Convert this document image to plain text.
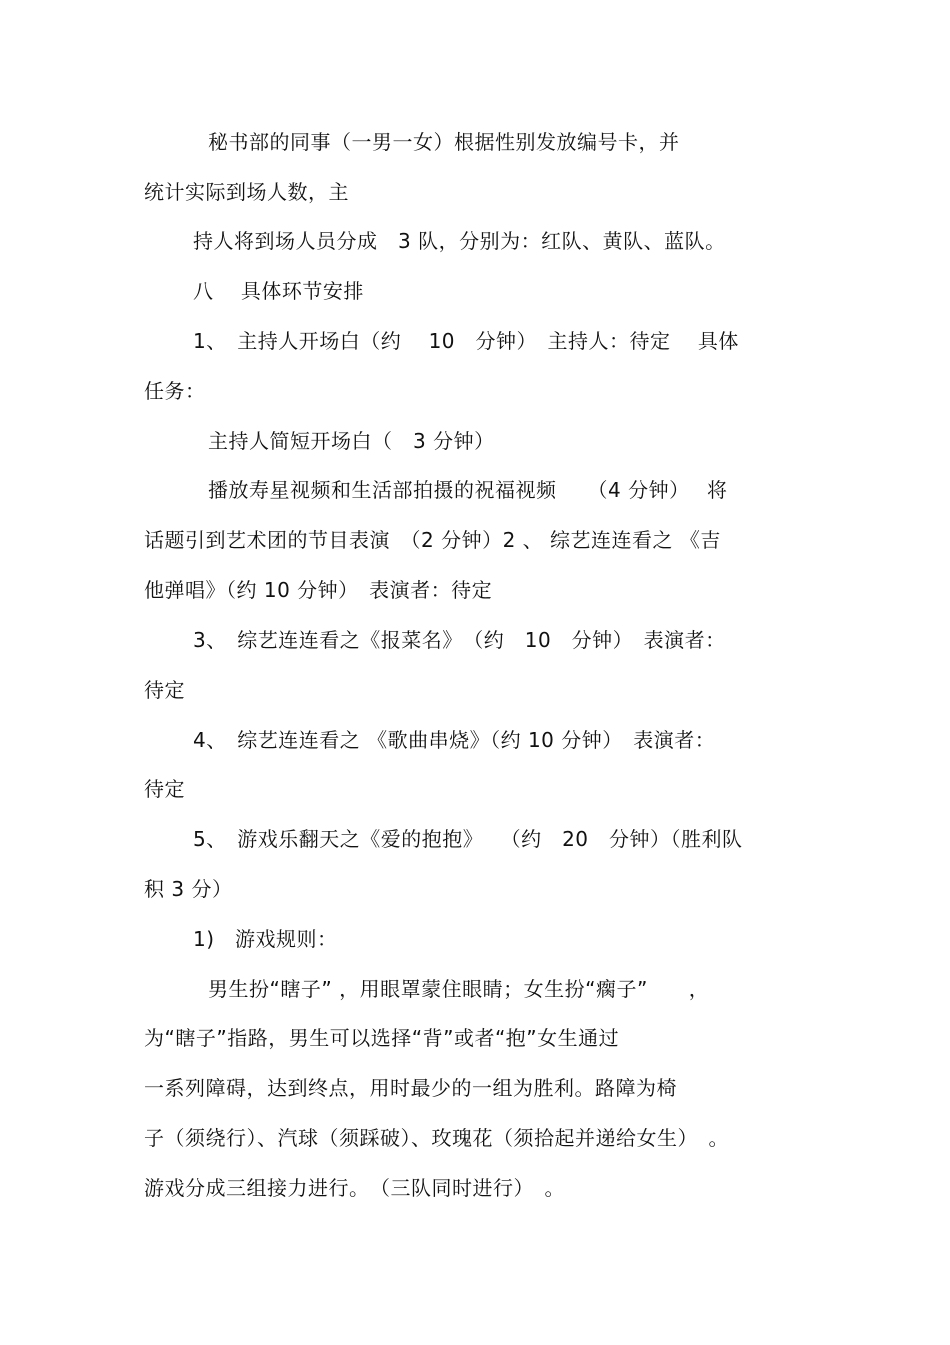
秘书部的同事（一男一女）根据性别发放编号卡，并
统计实际到场人数，主
持人将到场人员分成　3 队，分别为：红队、黄队、蓝队。
八　 具体环节安排
1、　主持人开场白（约　 10　分钟）　主持人：待定　 具体
任务：
主持人简短开场白（　3 分钟）
播放寿星视频和生活部拍摄的祝福视频　　（4 分钟）　 将
话题引到艺术团的节目表演　（2 分钟）2 、 综艺连连看之 《吉
他弹唱》（约 10 分钟）　表演者：待定
3、　综艺连连看之《报菜名》　（约　10　分钟）　表演者：
待定
4、　综艺连连看之 《歌曲串烧》（约 10 分钟）　表演者：
待定
5、　游戏乐翻天之《爱的抱抱》　 （约　20　分钟）（胜利队
积 3 分）
1)　游戏规则：
男生扮“瞎子” ，用眼罩蒙住眼睛；女生扮“瘸子”　　，
为“瞎子”指路，男生可以选择“背”或者“抱”女生通过
一系列障碍，达到终点，用时最少的一组为胜利。路障为椅
子（须绕行）、汽球（须踩破）、玫瑰花（须拾起并递给女生）　。
游戏分成三组接力进行。　（三队同时进行）　。
